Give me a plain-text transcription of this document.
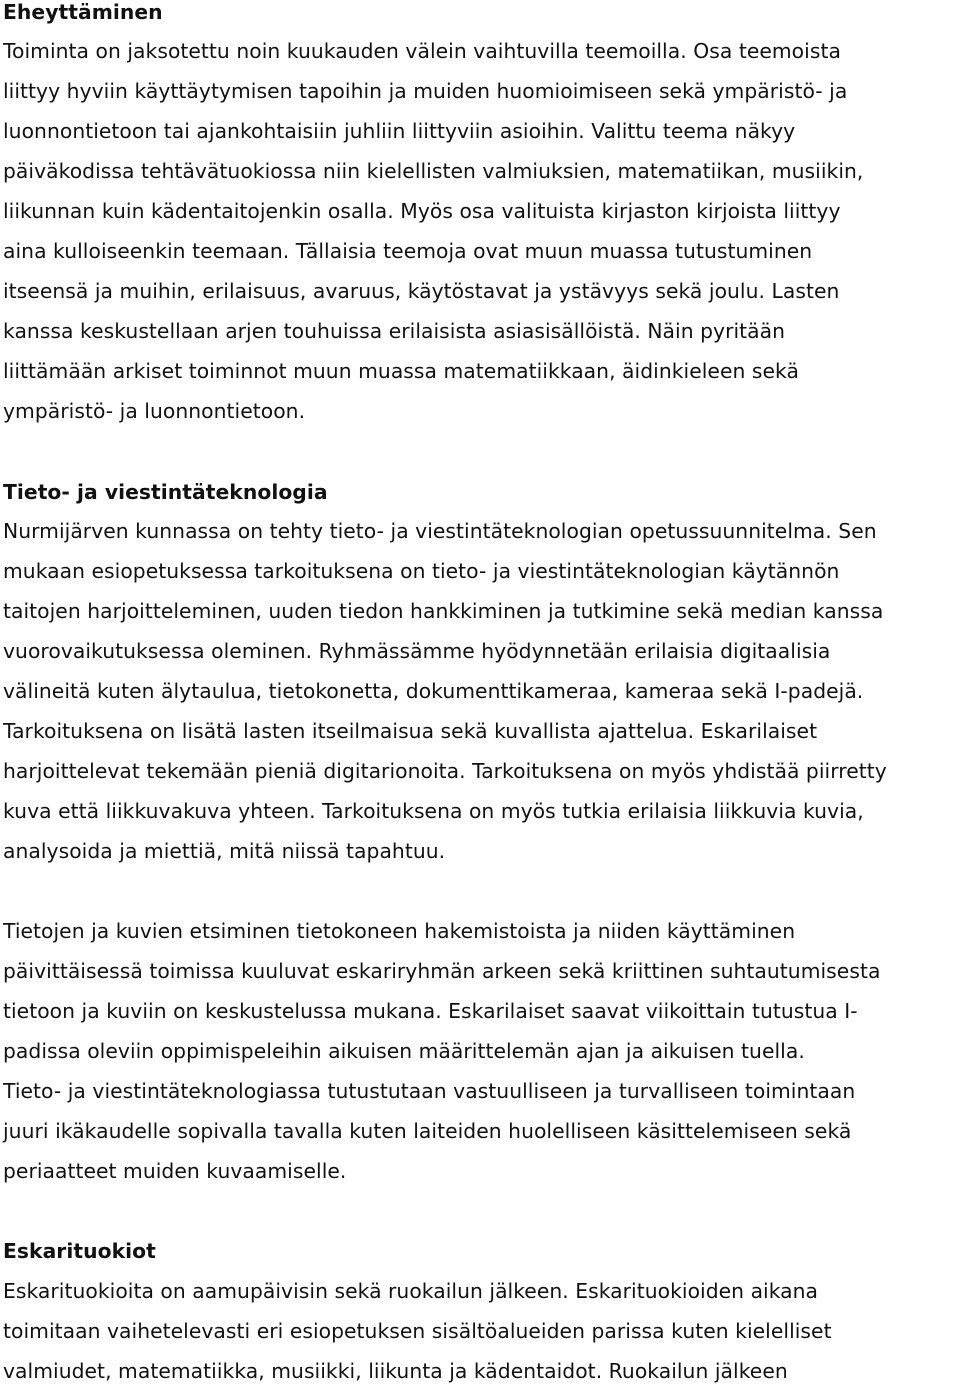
Eheyttäminen
Toiminta on jaksotettu noin kuukauden välein vaihtuvilla teemoilla. Osa teemoista
liittyy hyviin käyttäytymisen tapoihin ja muiden huomioimiseen sekä ympäristö- ja
luonnontietoon tai ajankohtaisiin juhliin liittyviin asioihin. Valittu teema näkyy
päiväkodissa tehtävätuokiossa niin kielellisten valmiuksien, matematiikan, musiikin,
liikunnan kuin kädentaitojenkin osalla. Myös osa valituista kirjaston kirjoista liittyy
aina kulloiseenkin teemaan. Tällaisia teemoja ovat muun muassa tutustuminen
itseensä ja muihin, erilaisuus, avaruus, käytöstavat ja ystävyys sekä joulu. Lasten
kanssa keskustellaan arjen touhuissa erilaisista asiasisällöistä. Näin pyritään
liittämään arkiset toiminnot muun muassa matematiikkaan, äidinkieleen sekä
ympäristö- ja luonnontietoon.
Tieto- ja viestintäteknologia
Nurmijärven kunnassa on tehty tieto- ja viestintäteknologian opetussuunnitelma. Sen
mukaan esiopetuksessa tarkoituksena on tieto- ja viestintäteknologian käytännön
taitojen harjoitteleminen, uuden tiedon hankkiminen ja tutkimine sekä median kanssa
vuorovaikutuksessa oleminen. Ryhmässämme hyödynnetään erilaisia digitaalisia
välineitä kuten älytaulua, tietokonetta, dokumenttikameraa, kameraa sekä I-padejä.
Tarkoituksena on lisätä lasten itseilmaisua sekä kuvallista ajattelua. Eskarilaiset
harjoittelevat tekemään pieniä digitarionoita. Tarkoituksena on myös yhdistää piirretty
kuva että liikkuvakuva yhteen. Tarkoituksena on myös tutkia erilaisia liikkuvia kuvia,
analysoida ja miettiä, mitä niissä tapahtuu.
Tietojen ja kuvien etsiminen tietokoneen hakemistoista ja niiden käyttäminen
päivittäisessä toimissa kuuluvat eskariryhmän arkeen sekä kriittinen suhtautumisesta
tietoon ja kuviin on keskustelussa mukana. Eskarilaiset saavat viikoittain tutustua I-
padissa oleviin oppimispeleihin aikuisen määrittelemän ajan ja aikuisen tuella.
Tieto- ja viestintäteknologiassa tutustutaan vastuulliseen ja turvalliseen toimintaan
juuri ikäkaudelle sopivalla tavalla kuten laiteiden huolelliseen käsittelemiseen sekä
periaatteet muiden kuvaamiselle.
Eskarituokiot
Eskarituokioita on aamupäivisin sekä ruokailun jälkeen. Eskarituokioiden aikana
toimitaan vaihetelevasti eri esiopetuksen sisältöalueiden parissa kuten kielelliset
valmiudet, matematiikka, musiikki, liikunta ja kädentaidot. Ruokailun jälkeen
